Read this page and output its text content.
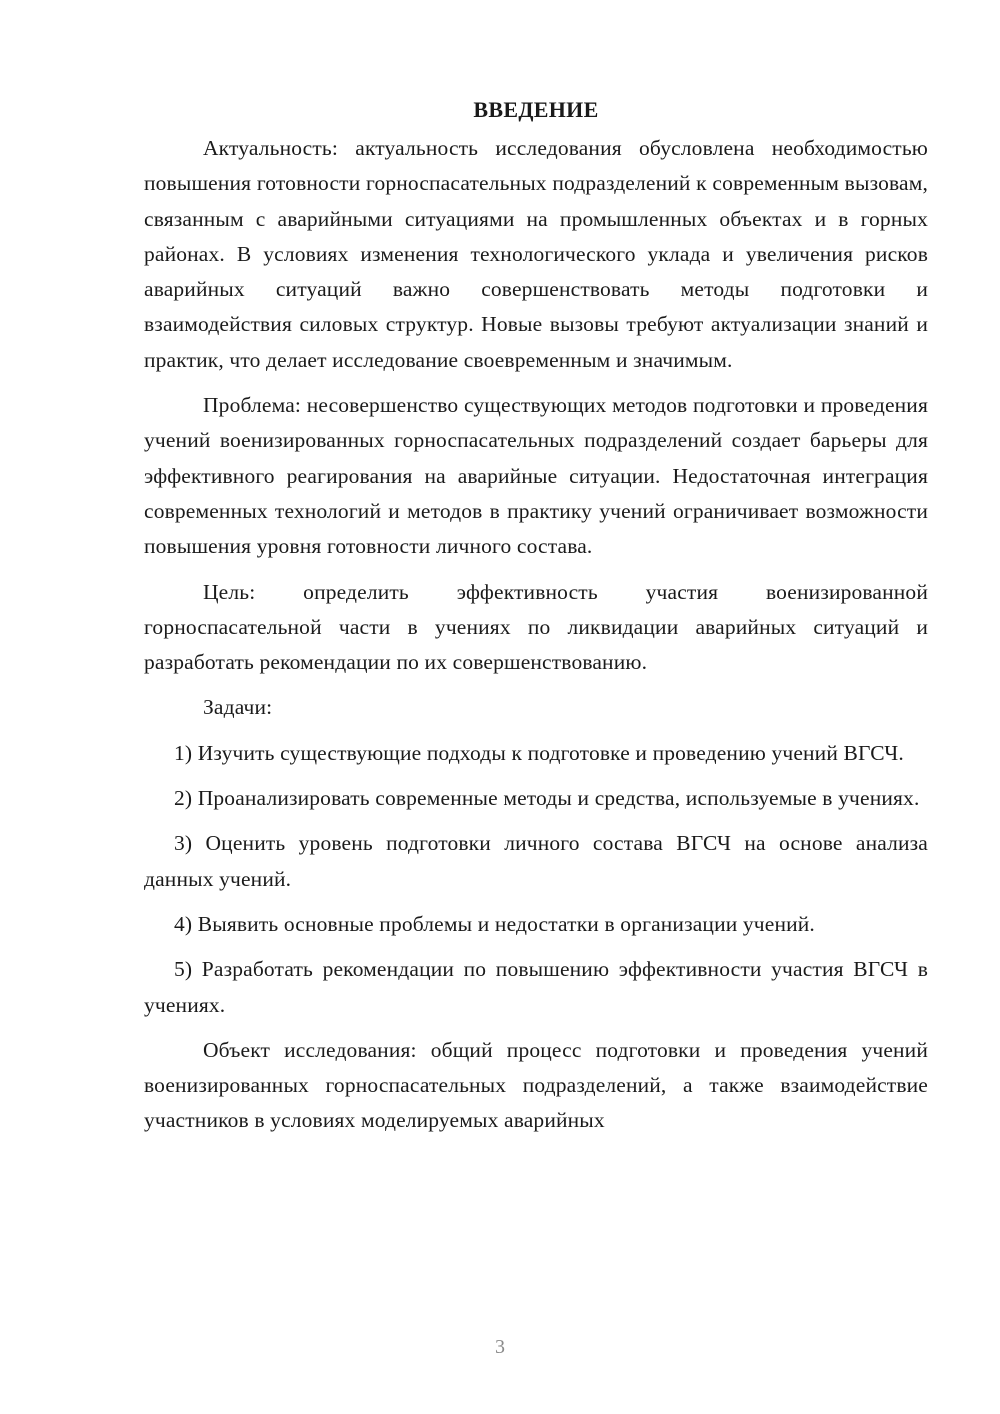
ВВЕДЕНИЕ

Актуальность: актуальность исследования обусловлена необходимостью повышения готовности горноспасательных подразделений к современным вызовам, связанным с аварийными ситуациями на промышленных объектах и в горных районах. В условиях изменения технологического уклада и увеличения рисков аварийных ситуаций важно совершенствовать методы подготовки и взаимодействия силовых структур. Новые вызовы требуют актуализации знаний и практик, что делает исследование своевременным и значимым.

Проблема: несовершенство существующих методов подготовки и проведения учений военизированных горноспасательных подразделений создает барьеры для эффективного реагирования на аварийные ситуации. Недостаточная интеграция современных технологий и методов в практику учений ограничивает возможности повышения уровня готовности личного состава.

Цель: определить эффективность участия военизированной горноспасательной части в учениях по ликвидации аварийных ситуаций и разработать рекомендации по их совершенствованию.

Задачи:

1) Изучить существующие подходы к подготовке и проведению учений ВГСЧ.

2) Проанализировать современные методы и средства, используемые в учениях.

3) Оценить уровень подготовки личного состава ВГСЧ на основе анализа данных учений.

4) Выявить основные проблемы и недостатки в организации учений.

5) Разработать рекомендации по повышению эффективности участия ВГСЧ в учениях.

Объект исследования: общий процесс подготовки и проведения учений военизированных горноспасательных подразделений, а также взаимодействие участников в условиях моделируемых аварийных

3
